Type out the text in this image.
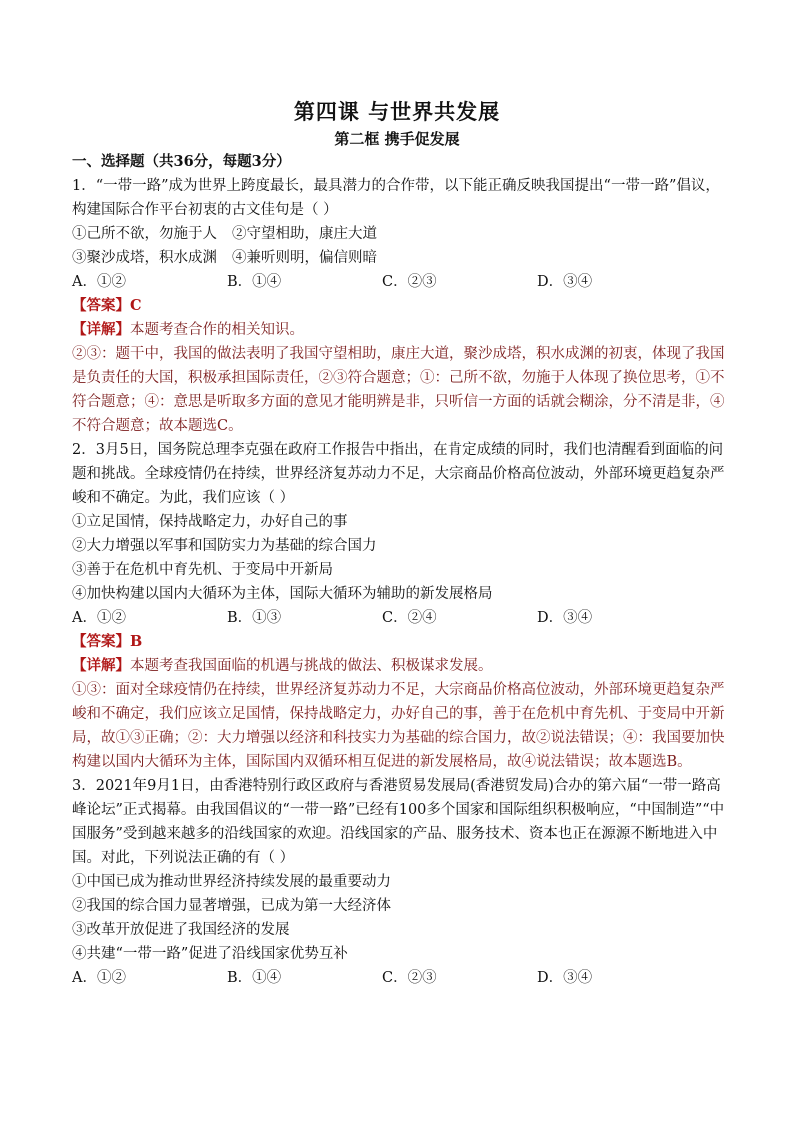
第四课 与世界共发展
第二框 携手促发展

一、选择题（共36分，每题3分）

1．“一带一路”成为世界上跨度最长，最具潜力的合作带，以下能正确反映我国提出“一带一路”倡议，构建国际合作平台初衷的古文佳句是（ ）

①己所不欲，勿施于人	②守望相助，康庄大道
③聚沙成塔，积水成渊	④兼听则明，偏信则暗
A．①②	B．①④	C．②③	D．③④

【答案】C

【详解】本题考查合作的相关知识。

②③：题干中，我国的做法表明了我国守望相助，康庄大道，聚沙成塔，积水成渊的初衷，体现了我国是负责任的大国，积极承担国际责任，②③符合题意；①：己所不欲，勿施于人体现了换位思考，①不符合题意；④：意思是听取多方面的意见才能明辨是非，只听信一方面的话就会糊涂，分不清是非，④不符合题意；故本题选C。

2．3月5日，国务院总理李克强在政府工作报告中指出，在肯定成绩的同时，我们也清醒看到面临的问题和挑战。全球疫情仍在持续，世界经济复苏动力不足，大宗商品价格高位波动，外部环境更趋复杂严峻和不确定。为此，我们应该（ ）

①立足国情，保持战略定力，办好自己的事

②大力增强以军事和国防实力为基础的综合国力

③善于在危机中育先机、于变局中开新局

④加快构建以国内大循环为主体，国际大循环为辅助的新发展格局

A．①②	B．①③	C．②④	D．③④

【答案】B

【详解】本题考查我国面临的机遇与挑战的做法、积极谋求发展。

①③：面对全球疫情仍在持续，世界经济复苏动力不足，大宗商品价格高位波动，外部环境更趋复杂严峻和不确定，我们应该立足国情，保持战略定力，办好自己的事，善于在危机中育先机、于变局中开新局，故①③正确；②：大力增强以经济和科技实力为基础的综合国力，故②说法错误；④：我国要加快构建以国内大循环为主体，国际国内双循环相互促进的新发展格局，故④说法错误；故本题选B。

3．2021年9月1日，由香港特别行政区政府与香港贸易发展局(香港贸发局)合办的第六届“一带一路高峰论坛”正式揭幕。由我国倡议的“一带一路”已经有100多个国家和国际组织积极响应，“中国制造”“中国服务”受到越来越多的沿线国家的欢迎。沿线国家的产品、服务技术、资本也正在源源不断地进入中国。对此，下列说法正确的有（ ）

①中国已成为推动世界经济持续发展的最重要动力

②我国的综合国力显著增强，已成为第一大经济体

③改革开放促进了我国经济的发展

④共建“一带一路”促进了沿线国家优势互补

A．①②	B．①④	C．②③	D．③④
